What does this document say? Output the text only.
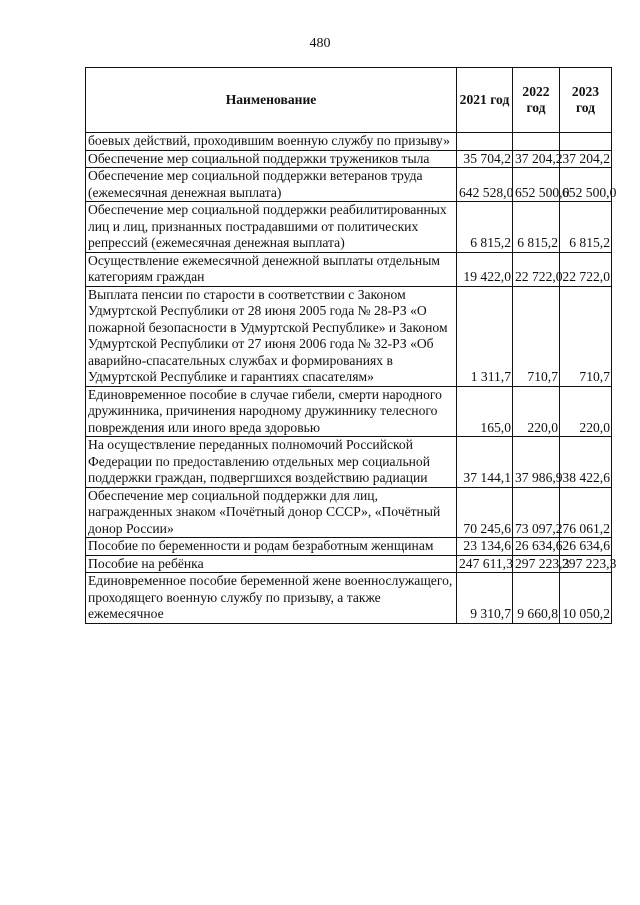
480
Наименование	2021 год	2022 год	2023 год
боевых действий, проходившим военную службу по призыву»			
Обеспечение мер социальной поддержки тружеников тыла	35 704,2	37 204,2	37 204,2
Обеспечение мер социальной поддержки ветеранов труда (ежемесячная денежная выплата)	642 528,0	652 500,0	652 500,0
Обеспечение мер социальной поддержки реабилитированных лиц и лиц, признанных пострадавшими от политических репрессий (ежемесячная денежная выплата)	6 815,2	6 815,2	6 815,2
Осуществление ежемесячной денежной выплаты отдельным категориям граждан	19 422,0	22 722,0	22 722,0
Выплата пенсии по старости в соответствии с Законом Удмуртской Республики от 28 июня 2005 года № 28-РЗ «О пожарной безопасности в Удмуртской Республике» и Законом Удмуртской Республики от 27 июня 2006 года № 32-РЗ «Об аварийно-спасательных службах и формированиях в Удмуртской Республике и гарантиях спасателям»	1 311,7	710,7	710,7
Единовременное пособие в случае гибели, смерти народного дружинника, причинения народному дружиннику телесного повреждения или иного вреда здоровью	165,0	220,0	220,0
На осуществление переданных полномочий Российской Федерации по предоставлению отдельных мер социальной поддержки граждан, подвергшихся воздействию радиации	37 144,1	37 986,9	38 422,6
Обеспечение мер социальной поддержки для лиц, награжденных знаком «Почётный донор СССР», «Почётный донор России»	70 245,6	73 097,2	76 061,2
Пособие по беременности и родам безработным женщинам	23 134,6	26 634,6	26 634,6
Пособие на ребёнка	247 611,3	297 223,3	297 223,3
Единовременное пособие беременной жене военнослужащего, проходящего военную службу по призыву, а также ежемесячное	9 310,7	9 660,8	10 050,2
